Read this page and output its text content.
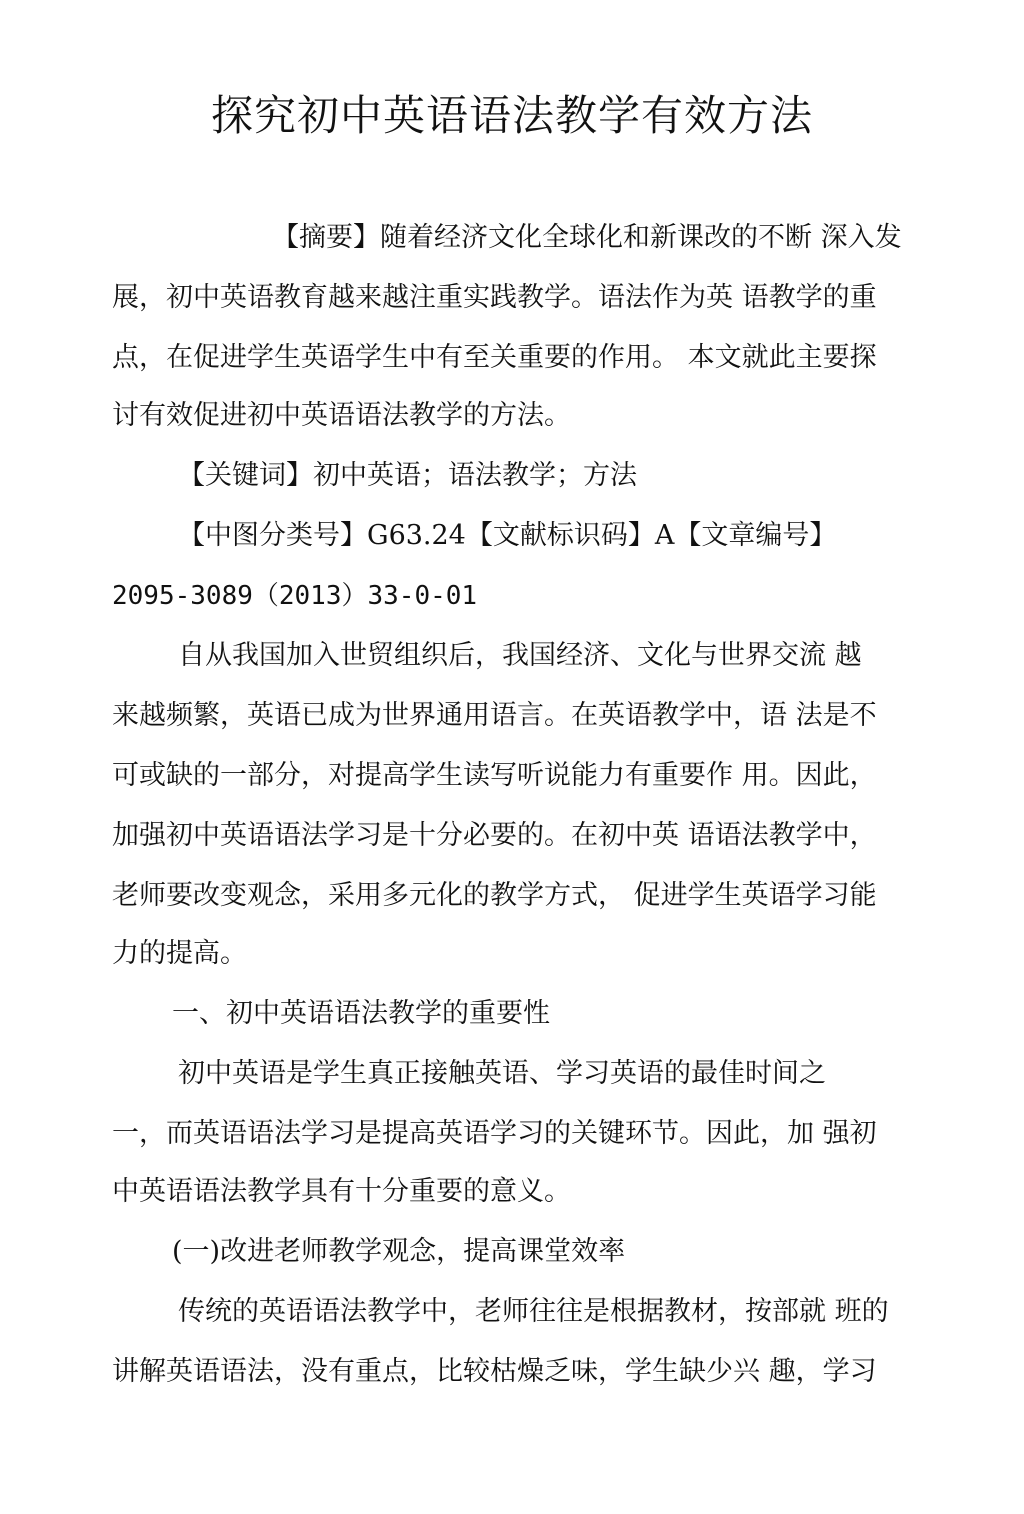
探究初中英语语法教学有效方法
【摘要】随着经济文化全球化和新课改的不断 深入发
展，初中英语教育越来越注重实践教学。语法作为英 语教学的重
点，在促进学生英语学生中有至关重要的作用。 本文就此主要探
讨有效促进初中英语语法教学的方法。
【关键词】初中英语；语法教学；方法
【中图分类号】G63.24【文献标识码】A【文章编号】
2095-3089（2013）33-0-01
自从我国加入世贸组织后，我国经济、文化与世界交流 越
来越频繁，英语已成为世界通用语言。在英语教学中，语 法是不
可或缺的一部分，对提高学生读写听说能力有重要作 用。因此，
加强初中英语语法学习是十分必要的。在初中英 语语法教学中，
老师要改变观念，采用多元化的教学方式， 促进学生英语学习能
力的提高。
一、初中英语语法教学的重要性
初中英语是学生真正接触英语、学习英语的最佳时间之
一，而英语语法学习是提高英语学习的关键环节。因此，加 强初
中英语语法教学具有十分重要的意义。
(一)改进老师教学观念，提高课堂效率
传统的英语语法教学中，老师往往是根据教材，按部就 班的
讲解英语语法，没有重点，比较枯燥乏味，学生缺少兴 趣，学习
